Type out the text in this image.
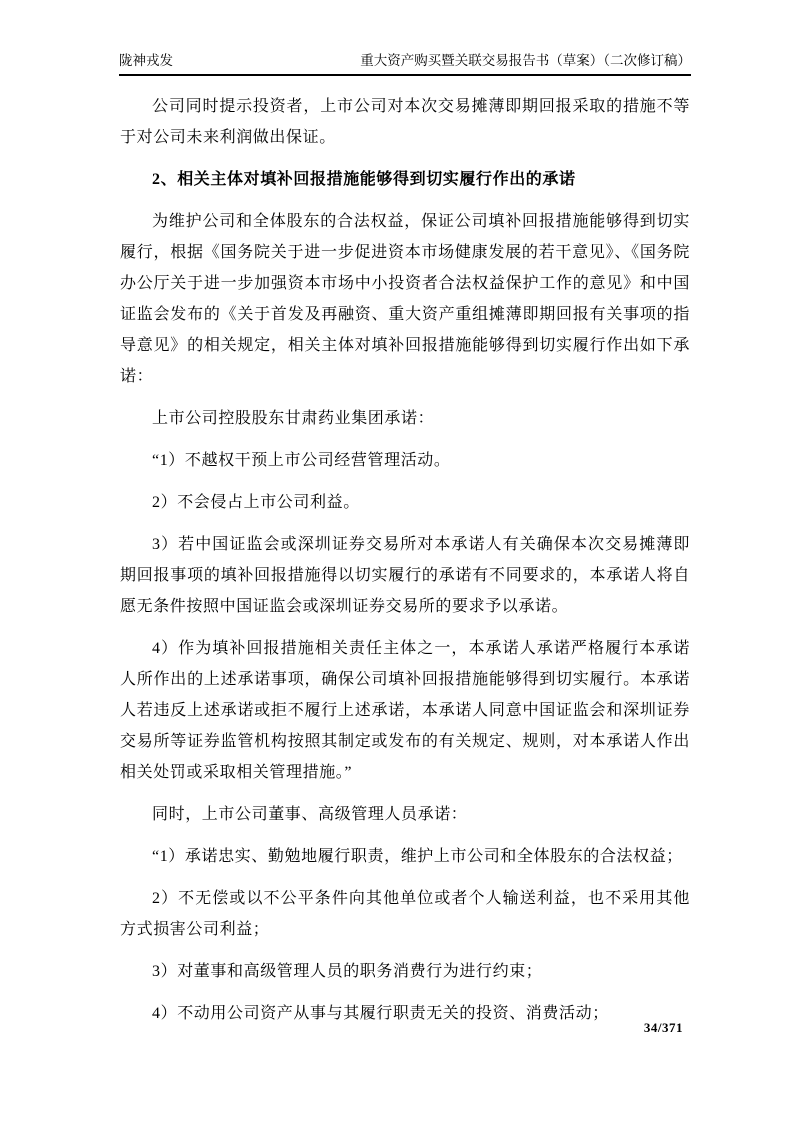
陇神戎发	重大资产购买暨关联交易报告书（草案）（二次修订稿）

公司同时提示投资者，上市公司对本次交易摊薄即期回报采取的措施不等于对公司未来利润做出保证。

2、相关主体对填补回报措施能够得到切实履行作出的承诺

为维护公司和全体股东的合法权益，保证公司填补回报措施能够得到切实履行，根据《国务院关于进一步促进资本市场健康发展的若干意见》、《国务院办公厅关于进一步加强资本市场中小投资者合法权益保护工作的意见》和中国证监会发布的《关于首发及再融资、重大资产重组摊薄即期回报有关事项的指导意见》的相关规定，相关主体对填补回报措施能够得到切实履行作出如下承诺：

上市公司控股股东甘肃药业集团承诺：

“1）不越权干预上市公司经营管理活动。

2）不会侵占上市公司利益。

3）若中国证监会或深圳证券交易所对本承诺人有关确保本次交易摊薄即期回报事项的填补回报措施得以切实履行的承诺有不同要求的，本承诺人将自愿无条件按照中国证监会或深圳证券交易所的要求予以承诺。

4）作为填补回报措施相关责任主体之一，本承诺人承诺严格履行本承诺人所作出的上述承诺事项，确保公司填补回报措施能够得到切实履行。本承诺人若违反上述承诺或拒不履行上述承诺，本承诺人同意中国证监会和深圳证券交易所等证券监管机构按照其制定或发布的有关规定、规则，对本承诺人作出相关处罚或采取相关管理措施。”

同时，上市公司董事、高级管理人员承诺：

“1）承诺忠实、勤勉地履行职责，维护上市公司和全体股东的合法权益；

2）不无偿或以不公平条件向其他单位或者个人输送利益，也不采用其他方式损害公司利益；

3）对董事和高级管理人员的职务消费行为进行约束；

4）不动用公司资产从事与其履行职责无关的投资、消费活动；

34/371
